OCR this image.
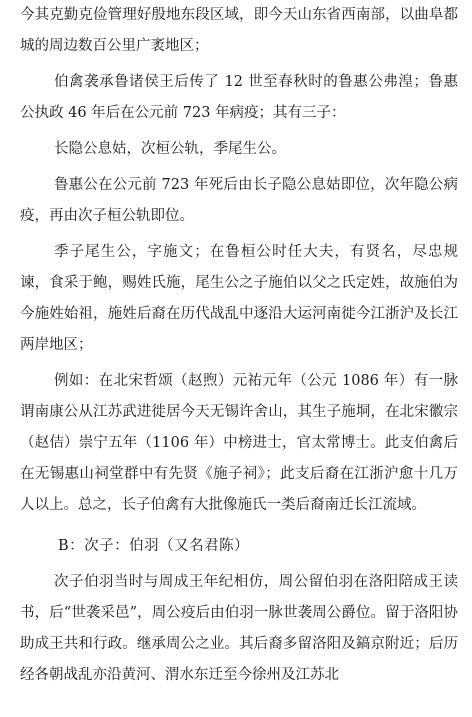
今其克勤克俭管理好殷地东段区域，即今天山东省西南部，以曲阜都城的周边数百公里广袤地区；

伯禽袭承鲁诸侯王后传了 12 世至春秋时的鲁惠公弗湟；鲁惠公执政 46 年后在公元前 723 年病疫；其有三子：

长隐公息姑，次桓公轨，季尾生公。

鲁惠公在公元前 723 年死后由长子隐公息姑即位，次年隐公病疫，再由次子桓公轨即位。

季子尾生公，字施文；在鲁桓公时任大夫，有贤名，尽忠规谏，食采于鲍，赐姓氏施，尾生公之子施伯以父之氏定姓，故施伯为今施姓始祖，施姓后裔在历代战乱中逐沿大运河南徙今江浙沪及长江两岸地区；

例如：在北宋哲颂（赵煦）元祐元年（公元 1086 年）有一脉谓南康公从江苏武进徙居今天无锡许舍山，其生子施垌，在北宋徽宗（赵佶）崇宁五年（1106 年）中榜进士，官太常博士。此支伯禽后在无锡惠山祠堂群中有先贤《施子祠》；此支后裔在江浙沪愈十几万人以上。总之，长子伯禽有大批像施氏一类后裔南迁长江流域。

B：次子：伯羽（又名君陈）

次子伯羽当时与周成王年纪相仿，周公留伯羽在洛阳陪成王读书，后“世袭采邑”，周公疫后由伯羽一脉世袭周公爵位。留于洛阳协助成王共和行政。继承周公之业。其后裔多留洛阳及鎬京附近；后历经各朝战乱亦沿黄河、渭水东迁至今徐州及江苏北
